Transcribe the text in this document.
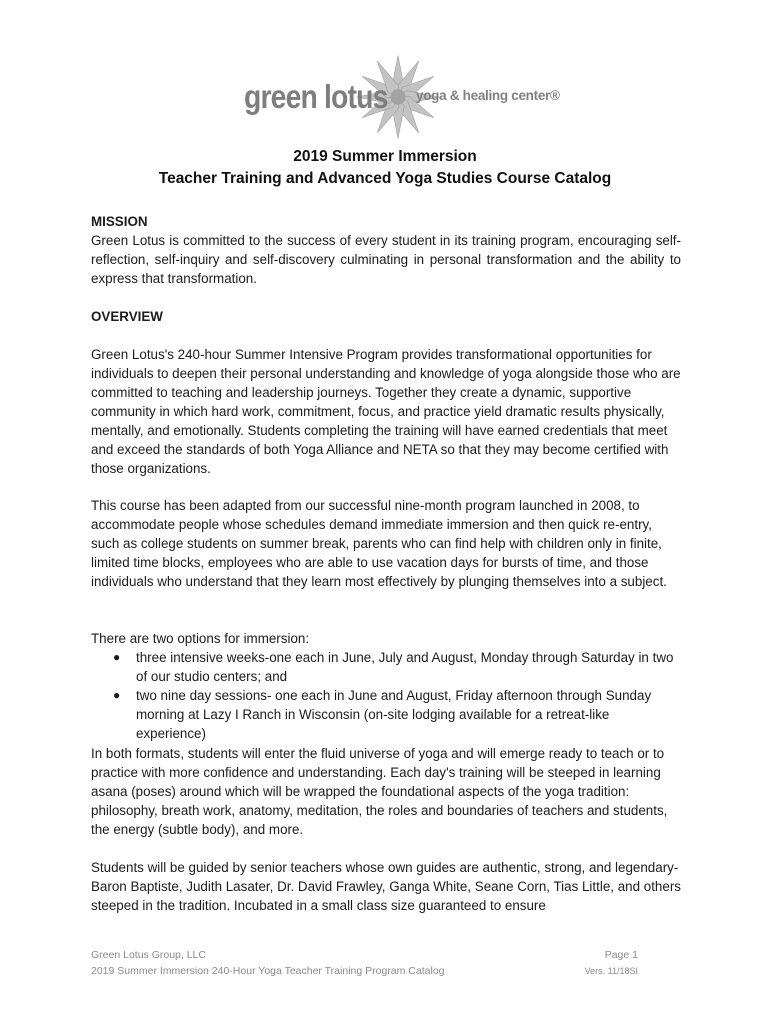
green lotus yoga & healing center®
2019 Summer Immersion
Teacher Training and Advanced Yoga Studies Course Catalog
MISSION
Green Lotus is committed to the success of every student in its training program, encouraging self-reflection, self-inquiry and self-discovery culminating in personal transformation and the ability to express that transformation.
OVERVIEW
Green Lotus's 240-hour Summer Intensive Program provides transformational opportunities for individuals to deepen their personal understanding and knowledge of yoga alongside those who are committed to teaching and leadership journeys. Together they create a dynamic, supportive community in which hard work, commitment, focus, and practice yield dramatic results physically, mentally, and emotionally. Students completing the training will have earned credentials that meet and exceed the standards of both Yoga Alliance and NETA so that they may become certified with those organizations.
This course has been adapted from our successful nine-month program launched in 2008, to accommodate people whose schedules demand immediate immersion and then quick re-entry, such as college students on summer break, parents who can find help with children only in finite, limited time blocks, employees who are able to use vacation days for bursts of time, and those individuals who understand that they learn most effectively by plunging themselves into a subject.
There are two options for immersion:
● three intensive weeks-one each in June, July and August, Monday through Saturday in two of our studio centers; and
● two nine day sessions- one each in June and August, Friday afternoon through Sunday morning at Lazy I Ranch in Wisconsin (on-site lodging available for a retreat-like experience)
In both formats, students will enter the fluid universe of yoga and will emerge ready to teach or to practice with more confidence and understanding. Each day's training will be steeped in learning asana (poses) around which will be wrapped the foundational aspects of the yoga tradition: philosophy, breath work, anatomy, meditation, the roles and boundaries of teachers and students, the energy (subtle body), and more.
Students will be guided by senior teachers whose own guides are authentic, strong, and legendary-Baron Baptiste, Judith Lasater, Dr. David Frawley, Ganga White, Seane Corn, Tias Little, and others steeped in the tradition. Incubated in a small class size guaranteed to ensure
Green Lotus Group, LLC
2019 Summer Immersion 240-Hour Yoga Teacher Training Program Catalog
Page 1
Vers. 11/18SI
